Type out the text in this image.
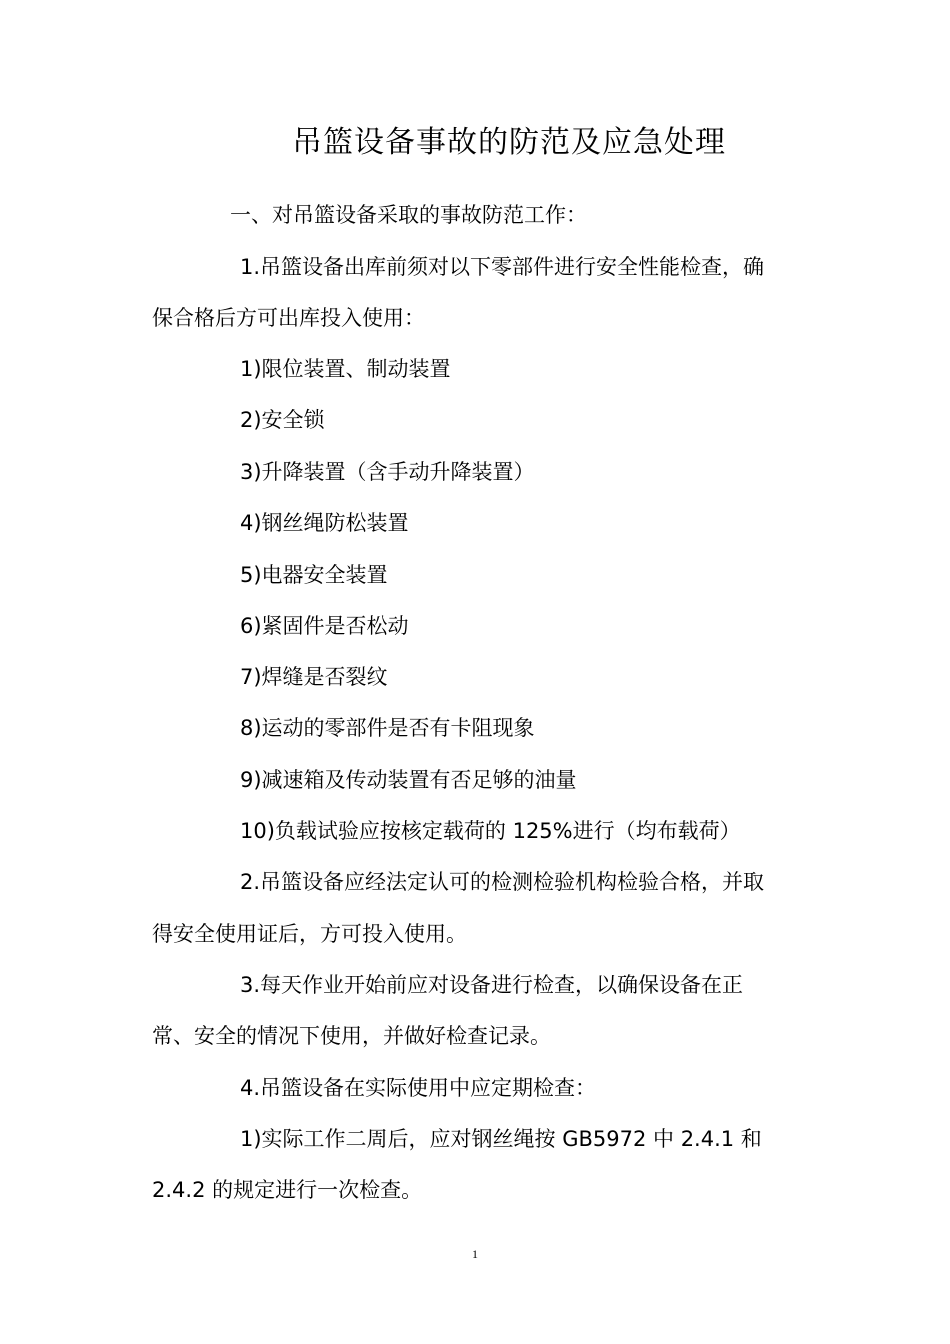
吊篮设备事故的防范及应急处理
一、对吊篮设备采取的事故防范工作：
1.吊篮设备出库前须对以下零部件进行安全性能检查，确
保合格后方可出库投入使用：
1)限位装置、制动装置
2)安全锁
3)升降装置（含手动升降装置）
4)钢丝绳防松装置
5)电器安全装置
6)紧固件是否松动
7)焊缝是否裂纹
8)运动的零部件是否有卡阻现象
9)减速箱及传动装置有否足够的油量
10)负载试验应按核定载荷的 125%进行（均布载荷）
2.吊篮设备应经法定认可的检测检验机构检验合格，并取
得安全使用证后，方可投入使用。
3.每天作业开始前应对设备进行检查，以确保设备在正
常、安全的情况下使用，并做好检查记录。
4.吊篮设备在实际使用中应定期检查：
1)实际工作二周后，应对钢丝绳按 GB5972 中 2.4.1 和
2.4.2 的规定进行一次检查。
1
